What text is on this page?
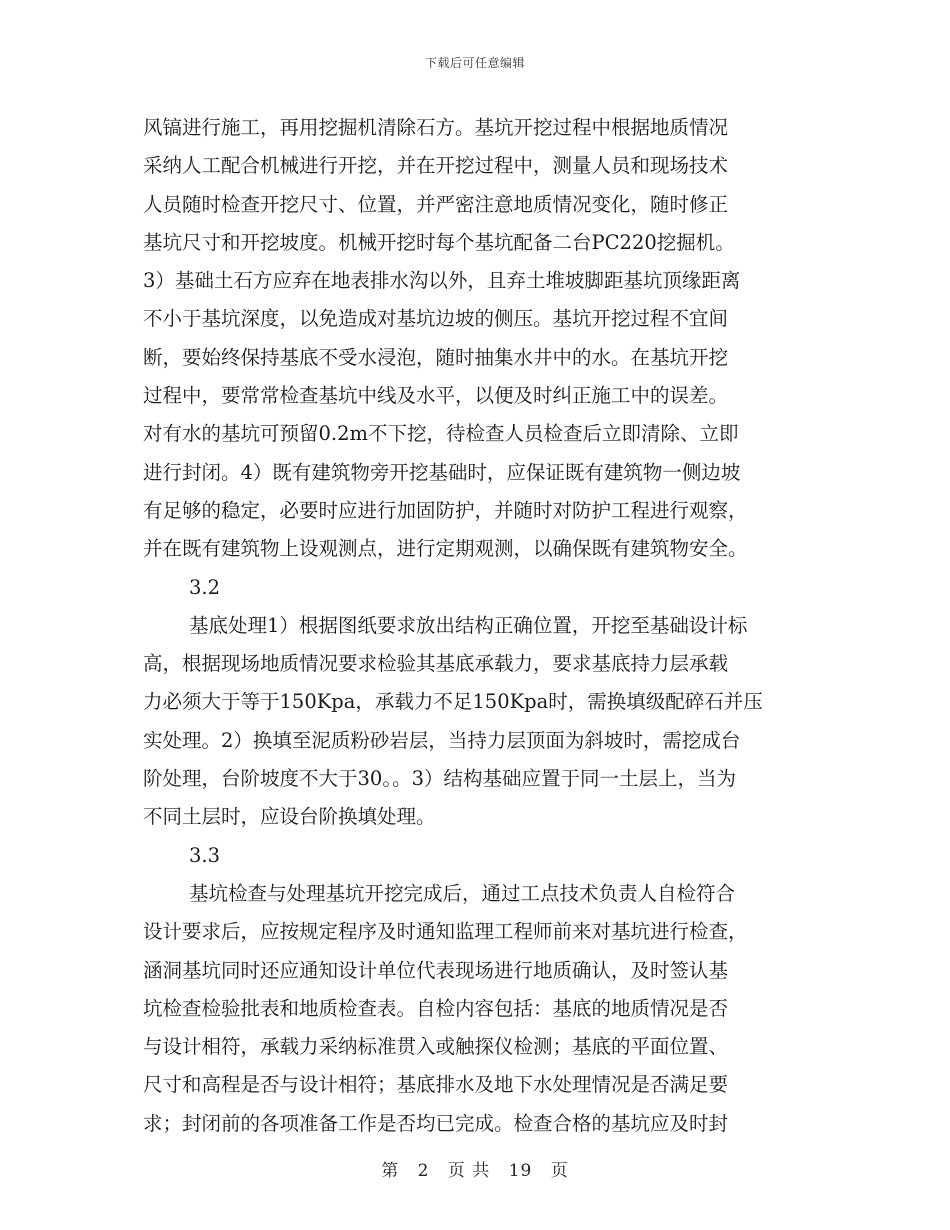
下载后可任意编辑
风镐进行施工，再用挖掘机清除石方。基坑开挖过程中根据地质情况
采纳人工配合机械进行开挖，并在开挖过程中，测量人员和现场技术
人员随时检查开挖尺寸、位置，并严密注意地质情况变化，随时修正
基坑尺寸和开挖坡度。机械开挖时每个基坑配备二台PC220挖掘机。
3）基础土石方应弃在地表排水沟以外，且弃土堆坡脚距基坑顶缘距离
不小于基坑深度，以免造成对基坑边坡的侧压。基坑开挖过程不宜间
断，要始终保持基底不受水浸泡，随时抽集水井中的水。在基坑开挖
过程中，要常常检查基坑中线及水平，以便及时纠正施工中的误差。
对有水的基坑可预留0.2m不下挖，待检查人员检查后立即清除、立即
进行封闭。4）既有建筑物旁开挖基础时，应保证既有建筑物一侧边坡
有足够的稳定，必要时应进行加固防护，并随时对防护工程进行观察，
并在既有建筑物上设观测点，进行定期观测，以确保既有建筑物安全。
3.2
基底处理1）根据图纸要求放出结构正确位置，开挖至基础设计标
高，根据现场地质情况要求检验其基底承载力，要求基底持力层承载
力必须大于等于150Kpa，承载力不足150Kpa时，需换填级配碎石并压
实处理。2）换填至泥质粉砂岩层，当持力层顶面为斜坡时，需挖成台
阶处理，台阶坡度不大于30。。3）结构基础应置于同一土层上，当为
不同土层时，应设台阶换填处理。
3.3
基坑检查与处理基坑开挖完成后，通过工点技术负责人自检符合
设计要求后，应按规定程序及时通知监理工程师前来对基坑进行检查，
涵洞基坑同时还应通知设计单位代表现场进行地质确认，及时签认基
坑检查检验批表和地质检查表。自检内容包括：基底的地质情况是否
与设计相符，承载力采纳标准贯入或触探仪检测；基底的平面位置、
尺寸和高程是否与设计相符；基底排水及地下水处理情况是否满足要
求；封闭前的各项准备工作是否均已完成。检查合格的基坑应及时封
第 2 页 共 19 页
